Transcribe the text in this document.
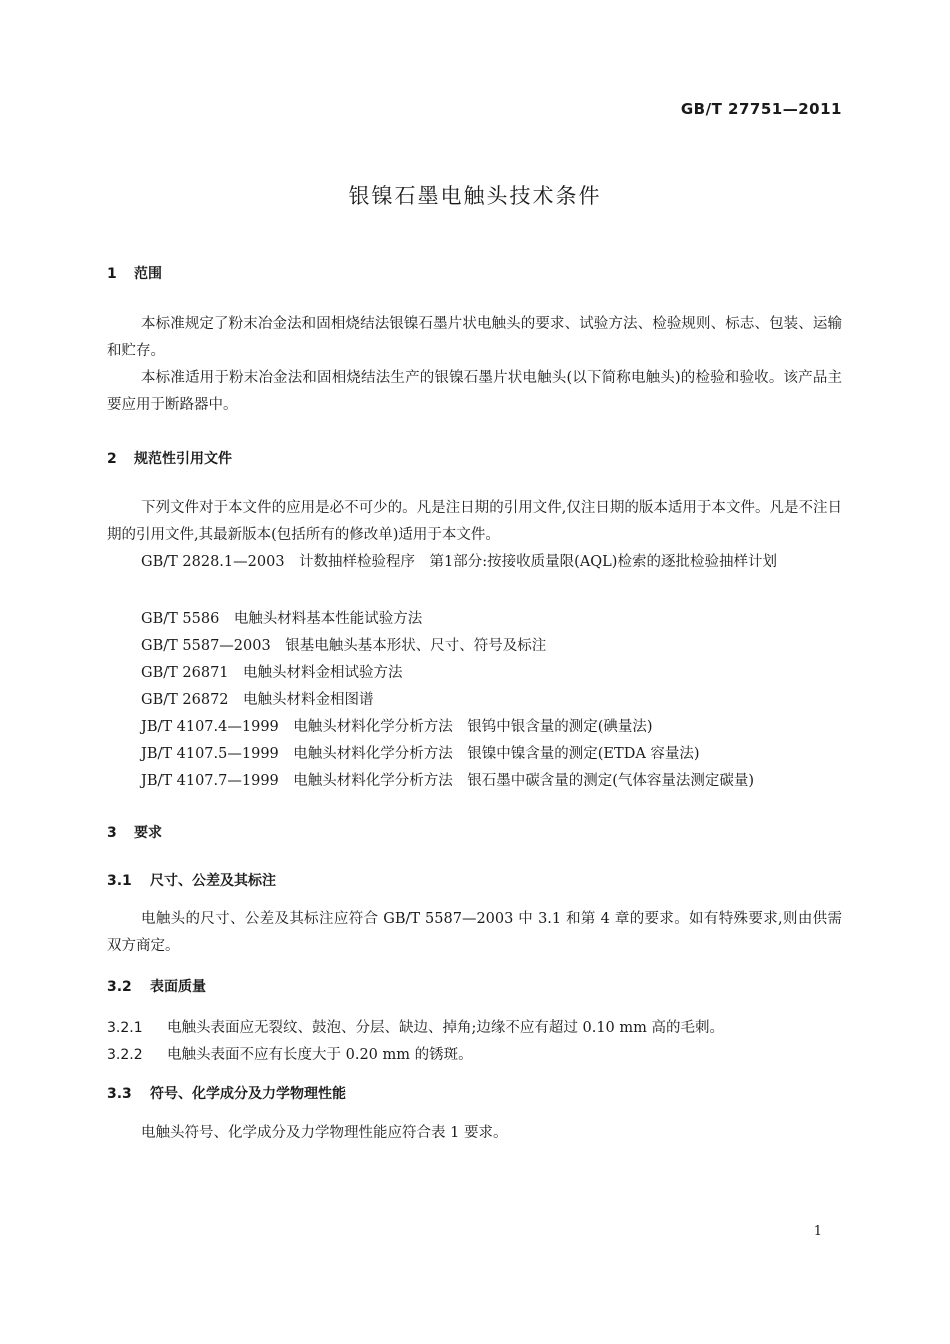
GB/T 27751—2011
银镍石墨电触头技术条件
1 范围
本标准规定了粉末冶金法和固相烧结法银镍石墨片状电触头的要求、试验方法、检验规则、标志、包装、运输和贮存。
本标准适用于粉末冶金法和固相烧结法生产的银镍石墨片状电触头(以下简称电触头)的检验和验收。该产品主要应用于断路器中。
2 规范性引用文件
下列文件对于本文件的应用是必不可少的。凡是注日期的引用文件,仅注日期的版本适用于本文件。凡是不注日期的引用文件,其最新版本(包括所有的修改单)适用于本文件。
GB/T 2828.1—2003　 计数抽样检验程序　第1部分:按接收质量限(AQL)检索的逐批检验抽样计划
GB/T 5586　 电触头材料基本性能试验方法
GB/T 5587—2003　 银基电触头基本形状、尺寸、符号及标注
GB/T 26871　 电触头材料金相试验方法
GB/T 26872　 电触头材料金相图谱
JB/T 4107.4—1999　 电触头材料化学分析方法　银钨中银含量的测定(碘量法)
JB/T 4107.5—1999　 电触头材料化学分析方法　银镍中镍含量的测定(ETDA 容量法)
JB/T 4107.7—1999　 电触头材料化学分析方法　银石墨中碳含量的测定(气体容量法测定碳量)
3 要求
3.1 尺寸、公差及其标注
电触头的尺寸、公差及其标注应符合 GB/T 5587—2003 中 3.1 和第 4 章的要求。如有特殊要求,则由供需双方商定。
3.2 表面质量
3.2.1 电触头表面应无裂纹、鼓泡、分层、缺边、掉角;边缘不应有超过 0.10 mm 高的毛刺。
3.2.2 电触头表面不应有长度大于 0.20 mm 的锈斑。
3.3 符号、化学成分及力学物理性能
电触头符号、化学成分及力学物理性能应符合表 1 要求。
1
